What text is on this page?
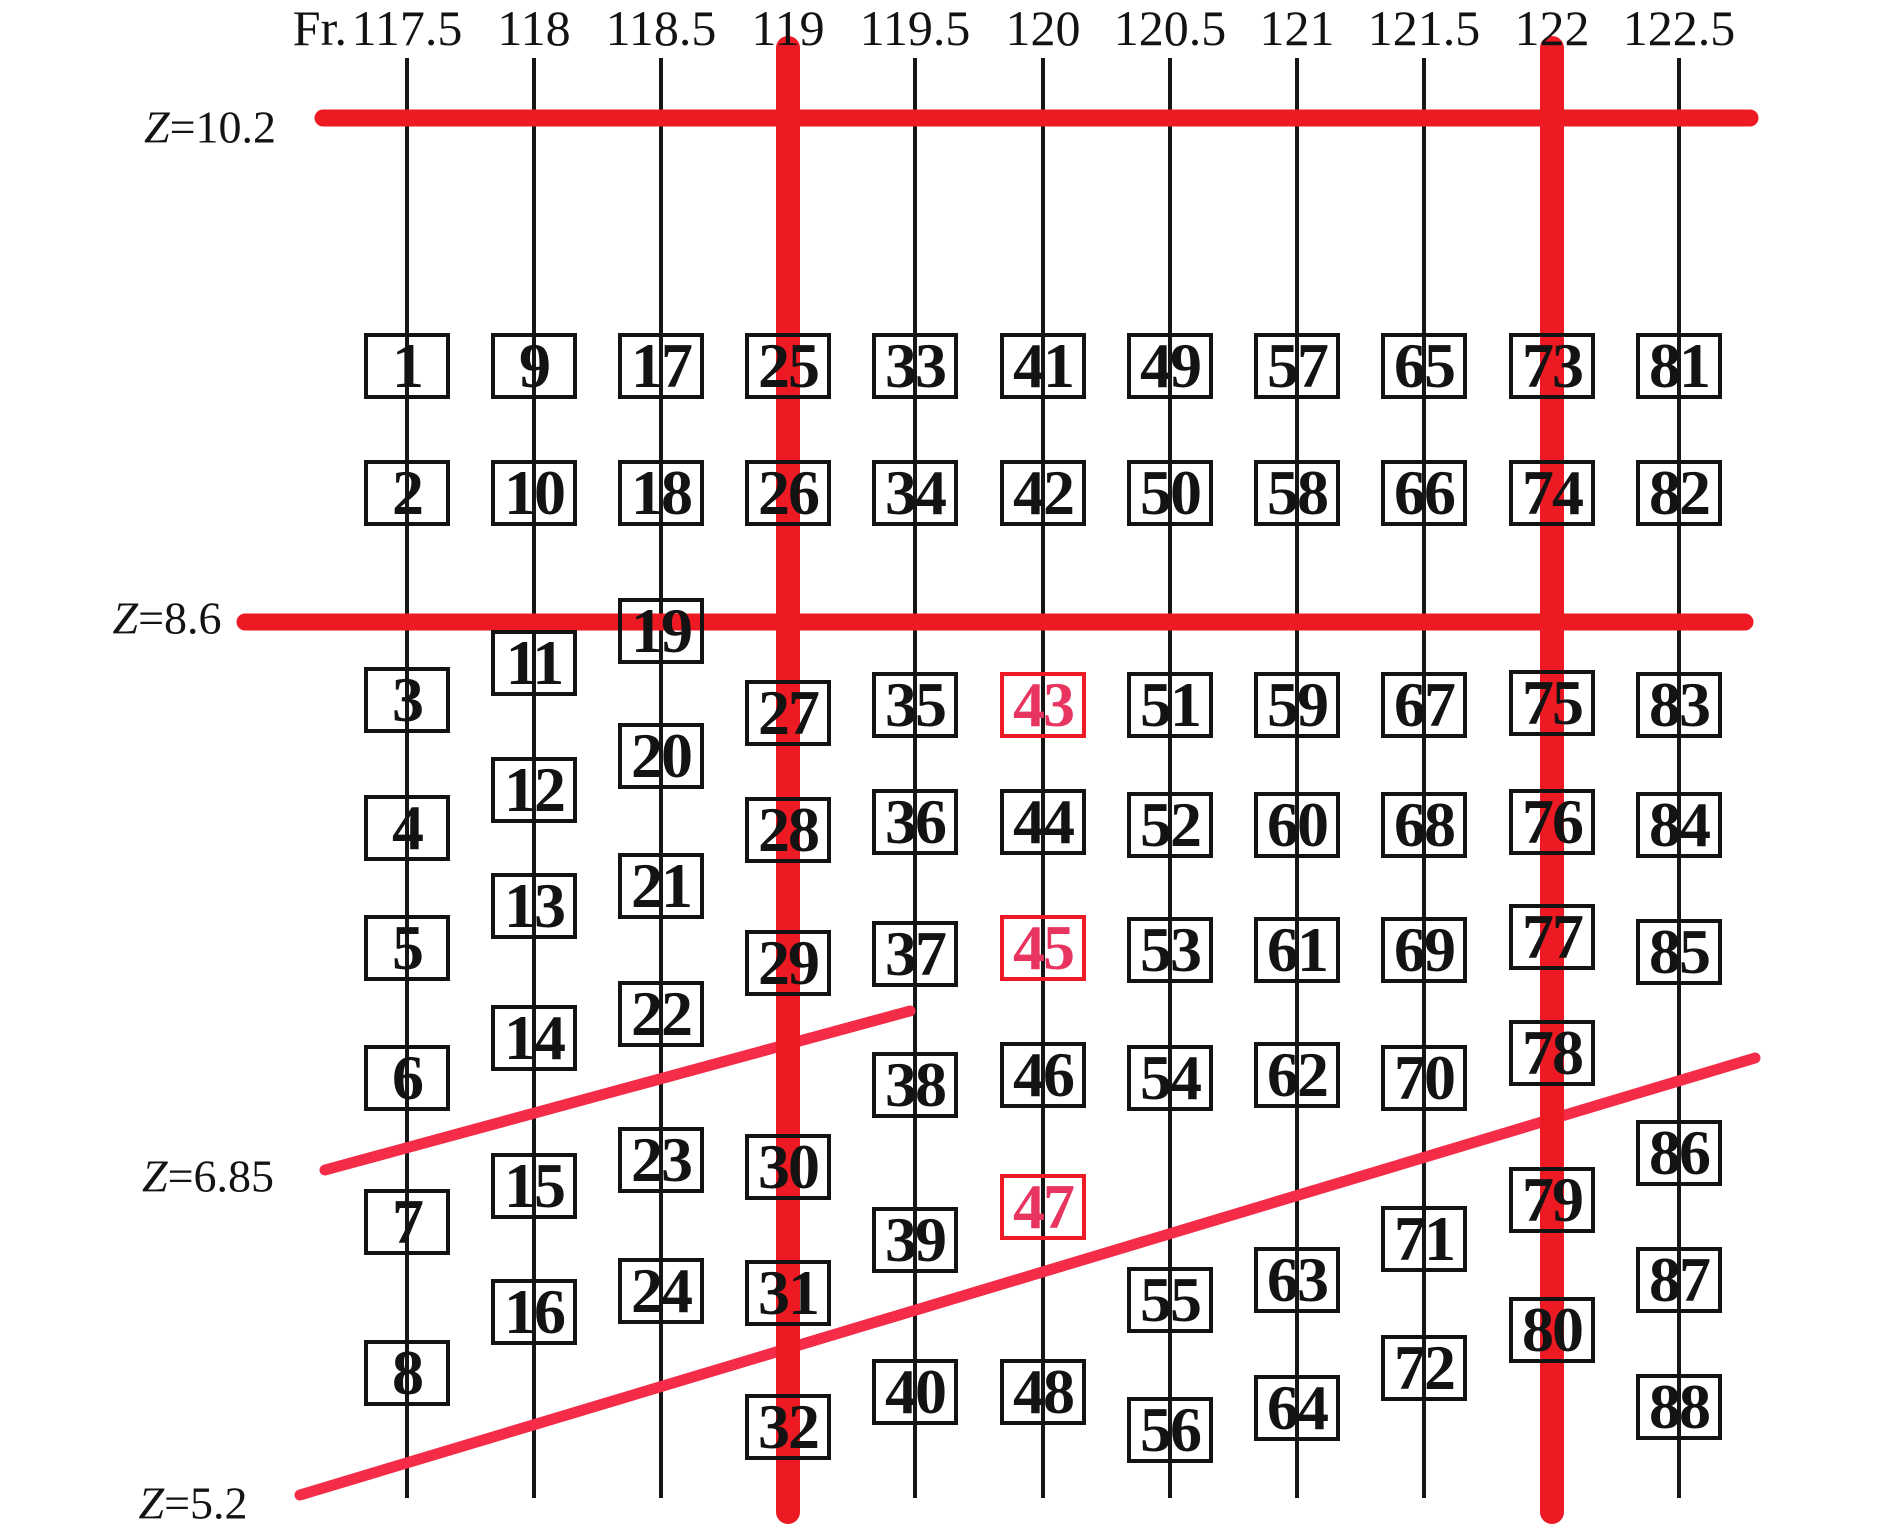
Fr. 117.5 118 118.5 119 119.5 120 120.5 121 121.5 122 122.5
1
2
3
4
5
6
7
8
9
10
11
12
13
14
15
16
17
18
19
20
21
22
23
24
25
26
27
28
29
30
31
32
33
34
35
36
37
38
39
40
41
42
43
44
45
46
47
48
49
50
51
52
53
54
55
56
57
58
59
60
61
62
63
64
65
66
67
68
69
70
71
72
73
74
75
76
77
78
79
80
81
82
83
84
85
86
87
88
Z=10.2
Z=8.6
Z=6.85
Z=5.2
